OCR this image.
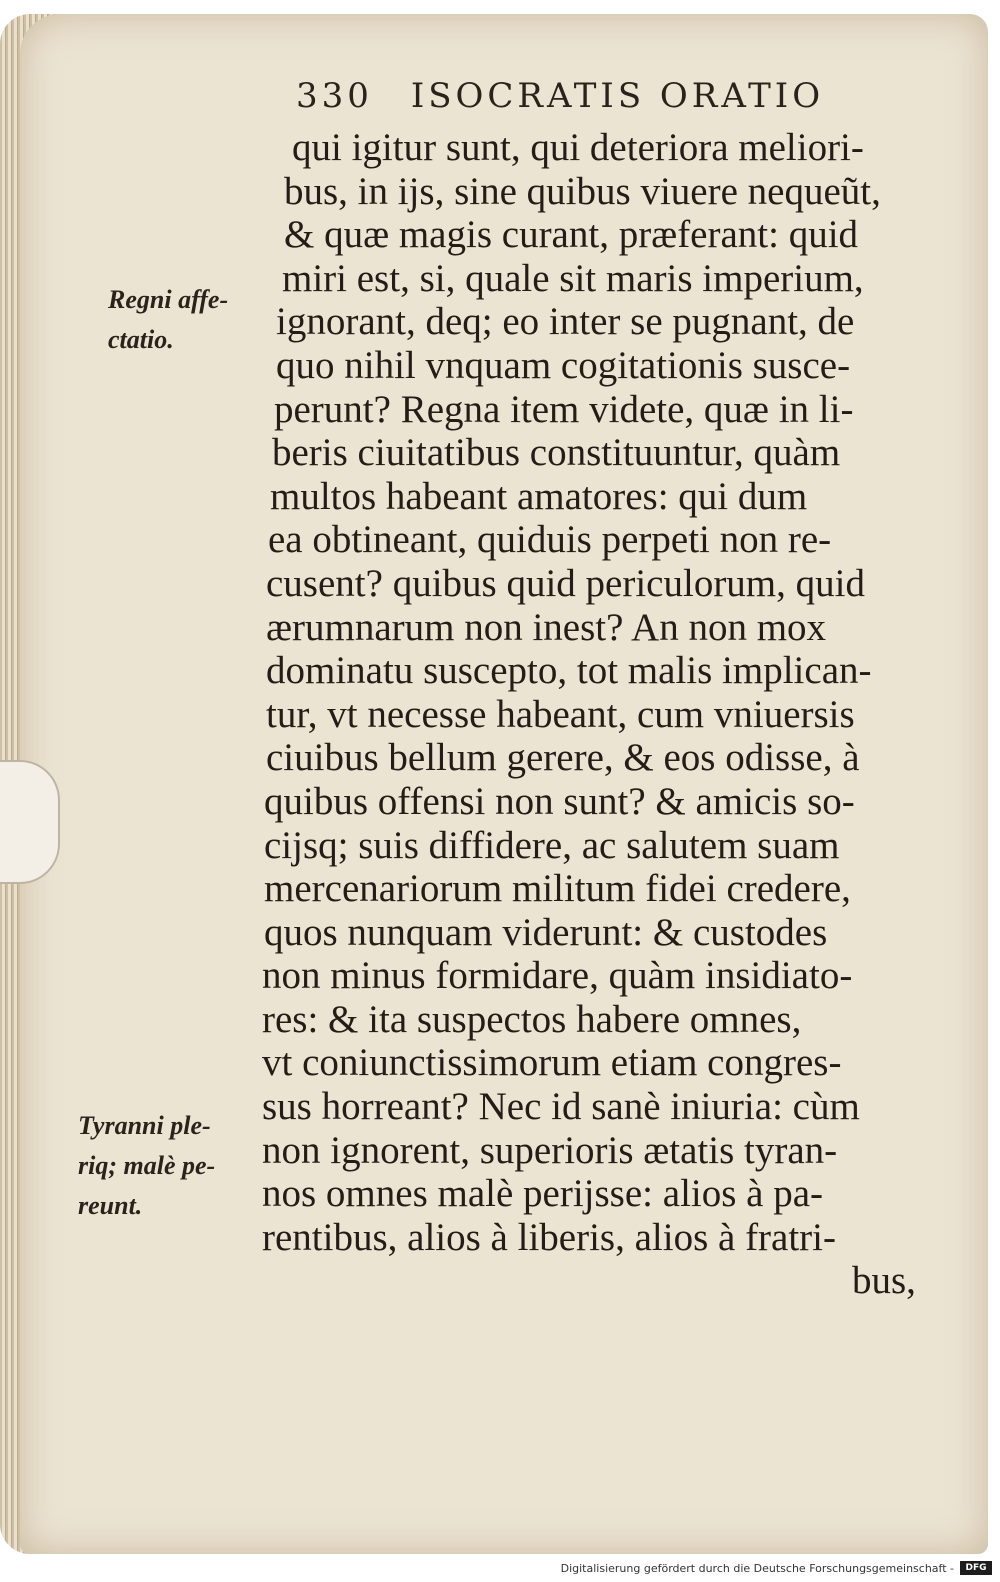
330 ISOCRATIS ORATIO
Regni affe-
ctatio.
Tyranni ple-
riq; malè pe-
reunt.
qui igitur sunt, qui deteriora meliori-
bus, in ijs, sine quibus viuere nequeũt,
& quæ magis curant, præferant: quid
miri est, si, quale sit maris imperium,
ignorant, deq; eo inter se pugnant, de
quo nihil vnquam cogitationis susce-
perunt? Regna item videte, quæ in li-
beris ciuitatibus constituuntur, quàm
multos habeant amatores: qui dum
ea obtineant, quiduis perpeti non re-
cusent? quibus quid periculorum, quid
ærumnarum non inest? An non mox
dominatu suscepto, tot malis implican-
tur, vt necesse habeant, cum vniuersis
ciuibus bellum gerere, & eos odisse, à
quibus offensi non sunt? & amicis so-
cijsq; suis diffidere, ac salutem suam
mercenariorum militum fidei credere,
quos nunquam viderunt: & custodes
non minus formidare, quàm insidiato-
res: & ita suspectos habere omnes,
vt coniunctissimorum etiam congres-
sus horreant? Nec id sanè iniuria: cùm
non ignorent, superioris ætatis tyran-
nos omnes malè perijsse: alios à pa-
rentibus, alios à liberis, alios à fratri-
bus,
Digitalisierung gefördert durch die Deutsche Forschungsgemeinschaft -	DFG
